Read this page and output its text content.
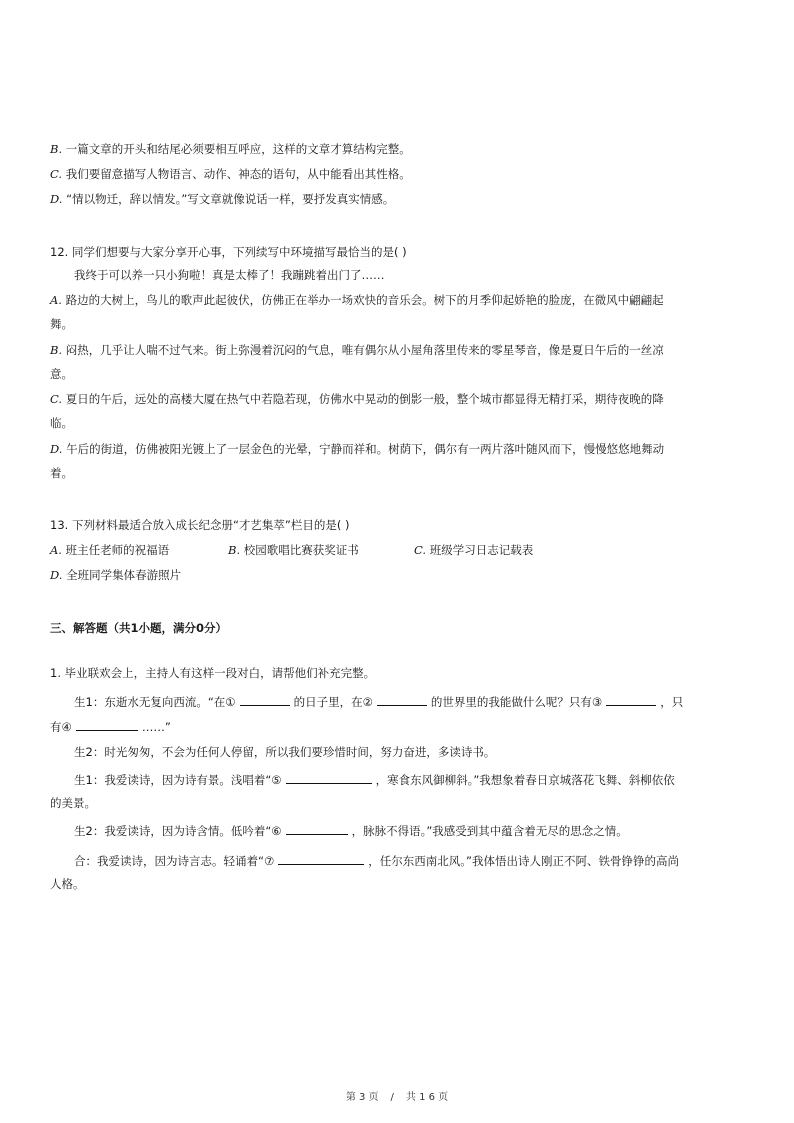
B. 一篇文章的开头和结尾必须要相互呼应，这样的文章才算结构完整。
C. 我们要留意描写人物语言、动作、神态的语句，从中能看出其性格。
D. “情以物迁，辞以情发。”写文章就像说话一样，要抒发真实情感。
12. 同学们想要与大家分享开心事，下列续写中环境描写最恰当的是( )
我终于可以养一只小狗啦！真是太棒了！我蹦跳着出门了……
A. 路边的大树上，鸟儿的歌声此起彼伏，仿佛正在举办一场欢快的音乐会。树下的月季仰起娇艳的脸庞，在微风中翩翩起
舞。
B. 闷热，几乎让人喘不过气来。街上弥漫着沉闷的气息，唯有偶尔从小屋角落里传来的零星琴音，像是夏日午后的一丝凉
意。
C. 夏日的午后，远处的高楼大厦在热气中若隐若现，仿佛水中晃动的倒影一般，整个城市都显得无精打采，期待夜晚的降
临。
D. 午后的街道，仿佛被阳光镀上了一层金色的光晕，宁静而祥和。树荫下，偶尔有一两片落叶随风而下，慢慢悠悠地舞动
着。
13. 下列材料最适合放入成长纪念册“才艺集萃”栏目的是( )
A. 班主任老师的祝福语	B. 校园歌唱比赛获奖证书	C. 班级学习日志记载表
D. 全班同学集体春游照片
三、解答题（共1小题，满分0分）
1. 毕业联欢会上，主持人有这样一段对白，请帮他们补充完整。
生1：东逝水无复向西流。“在①	的日子里，在②	的世界里的我能做什么呢？只有③	，只
有④	……”
生2：时光匆匆，不会为任何人停留，所以我们要珍惜时间，努力奋进，多读诗书。
生1：我爱读诗，因为诗有景。浅唱着“⑤	，寒食东风御柳斜。”我想象着春日京城落花飞舞、斜柳依依
的美景。
生2：我爱读诗，因为诗含情。低吟着“⑥	，脉脉不得语。”我感受到其中蕴含着无尽的思念之情。
合：我爱读诗，因为诗言志。轻诵着“⑦	，任尔东西南北风。”我体悟出诗人刚正不阿、铁骨铮铮的高尚
人格。
第 3 页 / 共 1 6 页
